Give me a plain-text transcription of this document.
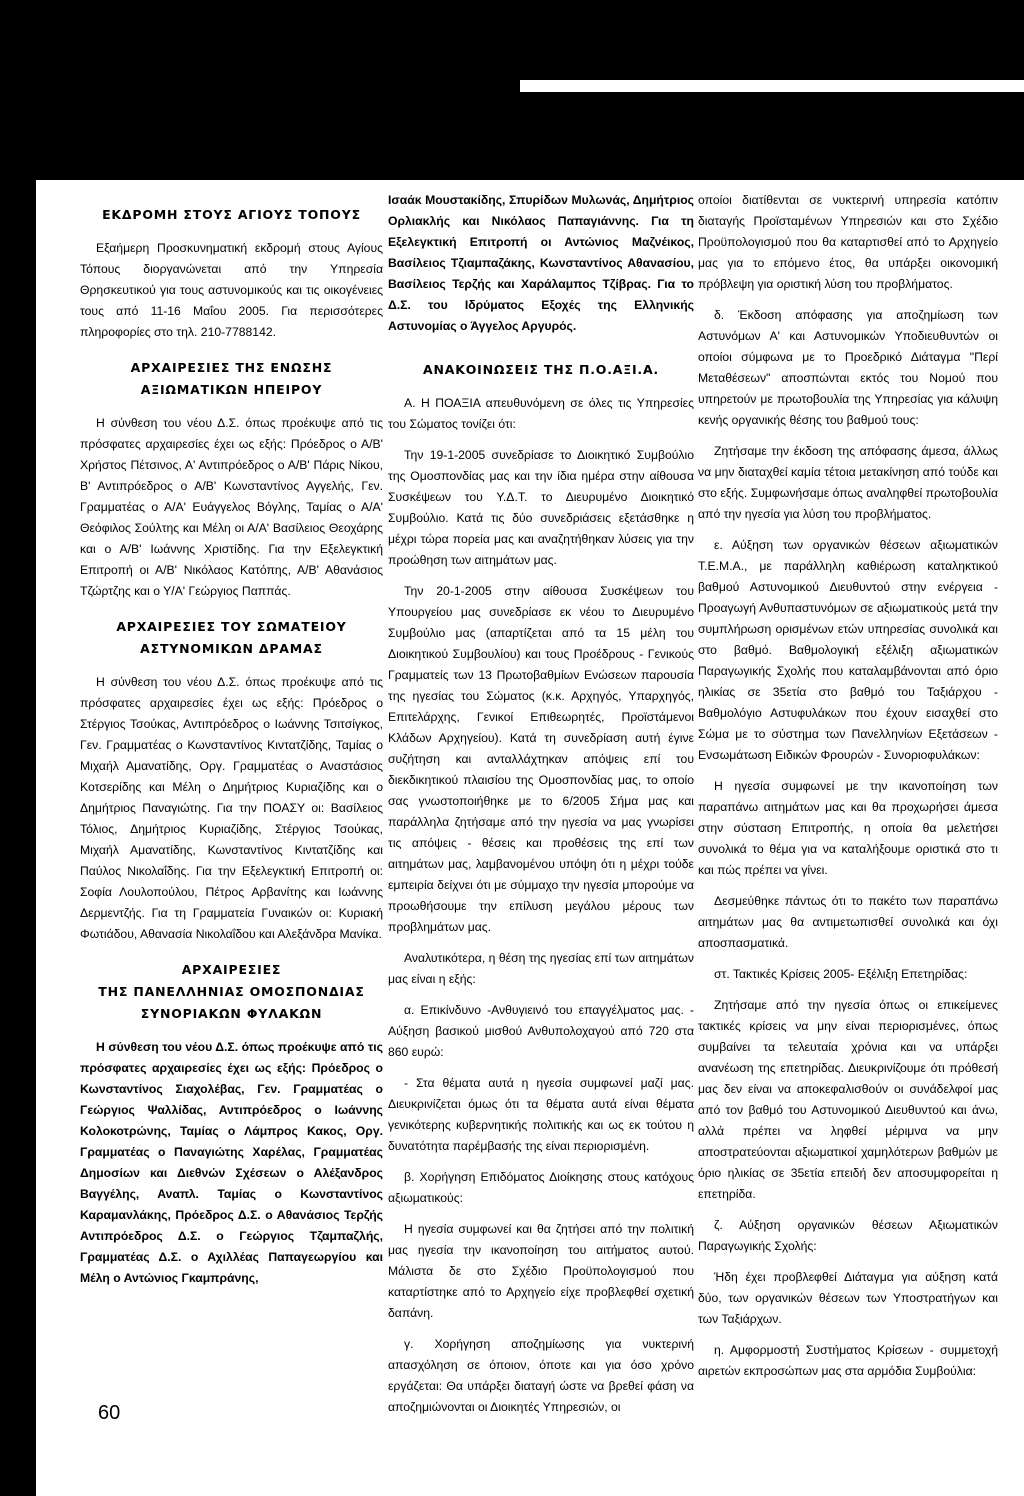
ΕΚΔΡΟΜΗ ΣΤΟΥΣ ΑΓΙΟΥΣ ΤΟΠΟΥΣ

Εξαήμερη Προσκυνηματική εκδρομή στους Αγίους Τόπους διοργανώνεται από την Υπηρεσία Θρησκευτικού για τους αστυνομικούς και τις οικογένειες τους από 11-16 Μαΐου 2005. Για περισσότερες πληροφορίες στο τηλ. 210-7788142.

ΑΡΧΑΙΡΕΣΙΕΣ ΤΗΣ ΕΝΩΣΗΣ
ΑΞΙΩΜΑΤΙΚΩΝ ΗΠΕΙΡΟΥ

Η σύνθεση του νέου Δ.Σ. όπως προέκυψε από τις πρόσφατες αρχαιρεσίες έχει ως εξής: Πρόεδρος ο Α/Β' Χρήστος Πέτσινος, Α' Αντιπρόεδρος ο Α/Β' Πάρις Νίκου, Β' Αντιπρόεδρος ο Α/Β' Κωνσταντίνος Αγγελής, Γεν. Γραμματέας ο Α/Α' Ευάγγελος Βόγλης, Ταμίας ο Α/Α' Θεόφιλος Σούλτης και Μέλη οι Α/Α' Βασίλειος Θεοχάρης και ο Α/Β' Ιωάννης Χριστίδης. Για την Εξελεγκτική Επιτροπή οι Α/Β' Νικόλαος Κατόπης, Α/Β' Αθανάσιος Τζώρτζης και ο Υ/Α' Γεώργιος Παππάς.

ΑΡΧΑΙΡΕΣΙΕΣ ΤΟΥ ΣΩΜΑΤΕΙΟΥ
ΑΣΤΥΝΟΜΙΚΩΝ ΔΡΑΜΑΣ

Η σύνθεση του νέου Δ.Σ. όπως προέκυψε από τις πρόσφατες αρχαιρεσίες έχει ως εξής: Πρόεδρος ο Στέργιος Τσούκας, Αντιπρόεδρος ο Ιωάννης Τσιτσίγκος, Γεν. Γραμματέας ο Κωνσταντίνος Κιντατζίδης, Ταμίας ο Μιχαήλ Αμανατίδης, Οργ. Γραμματέας ο Αναστάσιος Κοτσερίδης και Μέλη ο Δημήτριος Κυριαζίδης και ο Δημήτριος Παναγιώτης. Για την ΠΟΑΣΥ οι: Βασίλειος Τόλιος, Δημήτριος Κυριαζίδης, Στέργιος Τσούκας, Μιχαήλ Αμανατίδης, Κωνσταντίνος Κιντατζίδης και Παύλος Νικολαΐδης. Για την Εξελεγκτική Επιτροπή οι: Σοφία Λουλοπούλου, Πέτρος Αρβανίτης και Ιωάννης Δερμεντζής. Για τη Γραμματεία Γυναικών οι: Κυριακή Φωτιάδου, Αθανασία Νικολαΐδου και Αλεξάνδρα Μανίκα.

ΑΡΧΑΙΡΕΣΙΕΣ
ΤΗΣ ΠΑΝΕΛΛΗΝΙΑΣ ΟΜΟΣΠΟΝΔΙΑΣ
ΣΥΝΟΡΙΑΚΩΝ ΦΥΛΑΚΩΝ

Η σύνθεση του νέου Δ.Σ. όπως προέκυψε από τις πρόσφατες αρχαιρεσίες έχει ως εξής: Πρόεδρος ο Κωνσταντίνος Σιαχολέβας, Γεν. Γραμματέας ο Γεώργιος Ψαλλίδας, Αντιπρόεδρος ο Ιωάννης Κολοκοτρώνης, Ταμίας ο Λάμπρος Κακος, Οργ. Γραμματέας ο Παναγιώτης Χαρέλας, Γραμματέας Δημοσίων και Διεθνών Σχέσεων ο Αλέξανδρος Βαγγέλης, Αναπλ. Ταμίας ο Κωνσταντίνος Καραμανλάκης, Πρόεδρος Δ.Σ. ο Αθανάσιος Τερζής Αντιπρόεδρος Δ.Σ. ο Γεώργιος Τζαμπαζλής, Γραμματέας Δ.Σ. ο Αχιλλέας Παπαγεωργίου και Μέλη ο Αντώνιος Γκαμπράνης,

Ισαάκ Μουστακίδης, Σπυρίδων Μυλωνάς, Δημήτριος Ορλιακλής και Νικόλαος Παπαγιάννης. Για τη Εξελεγκτική Επιτροπή οι Αντώνιος Μαζνέικος, Βασίλειος Τζιαμπαζάκης, Κωνσταντίνος Αθανασίου, Βασίλειος Τερζής και Χαράλαμπος Τζίβρας. Για το Δ.Σ. του Ιδρύματος Εξοχές της Ελληνικής Αστυνομίας ο Άγγελος Αργυρός.

ΑΝΑΚΟΙΝΩΣΕΙΣ ΤΗΣ Π.Ο.ΑΞΙ.Α.

Α. Η ΠΟΑΞΙΑ απευθυνόμενη σε όλες τις Υπηρεσίες του Σώματος τονίζει ότι:

Την 19-1-2005 συνεδρίασε το Διοικητικό Συμβούλιο της Ομοσπονδίας μας και την ίδια ημέρα στην αίθουσα Συσκέψεων του Υ.Δ.Τ. το Διευρυμένο Διοικητικό Συμβούλιο. Κατά τις δύο συνεδριάσεις εξετάσθηκε η μέχρι τώρα πορεία μας και αναζητήθηκαν λύσεις για την προώθηση των αιτημάτων μας.

Την 20-1-2005 στην αίθουσα Συσκέψεων του Υπουργείου μας συνεδρίασε εκ νέου το Διευρυμένο Συμβούλιο μας (απαρτίζεται από τα 15 μέλη του Διοικητικού Συμβουλίου) και τους Προέδρους - Γενικούς Γραμματείς των 13 Πρωτοβαθμίων Ενώσεων παρουσία της ηγεσίας του Σώματος (κ.κ. Αρχηγός, Υπαρχηγός, Επιτελάρχης, Γενικοί Επιθεωρητές, Προϊστάμενοι Κλάδων Αρχηγείου). Κατά τη συνεδρίαση αυτή έγινε συζήτηση και ανταλλάχτηκαν απόψεις επί του διεκδικητικού πλαισίου της Ομοσπονδίας μας, το οποίο σας γνωστοποιήθηκε με το 6/2005 Σήμα μας και παράλληλα ζητήσαμε από την ηγεσία να μας γνωρίσει τις απόψεις - θέσεις και προθέσεις της επί των αιτημάτων μας, λαμβανομένου υπόψη ότι η μέχρι τούδε εμπειρία δείχνει ότι με σύμμαχο την ηγεσία μπορούμε να προωθήσουμε την επίλυση μεγάλου μέρους των προβλημάτων μας.

Αναλυτικότερα, η θέση της ηγεσίας επί των αιτημάτων μας είναι η εξής:

α. Επικίνδυνο -Ανθυγιεινό του επαγγέλματος μας. - Αύξηση βασικού μισθού Ανθυπολοχαγού από 720 στα 860 ευρώ:

- Στα θέματα αυτά η ηγεσία συμφωνεί μαζί μας. Διευκρινίζεται όμως ότι τα θέματα αυτά είναι θέματα γενικότερης κυβερνητικής πολιτικής και ως εκ τούτου η δυνατότητα παρέμβασής της είναι περιορισμένη.

β. Χορήγηση Επιδόματος Διοίκησης στους κατόχους αξιωματικούς:

Η ηγεσία συμφωνεί και θα ζητήσει από την πολιτική μας ηγεσία την ικανοποίηση του αιτήματος αυτού. Μάλιστα δε στο Σχέδιο Προϋπολογισμού που καταρτίστηκε από το Αρχηγείο είχε προβλεφθεί σχετική δαπάνη.

γ. Χορήγηση αποζημίωσης για νυκτερινή απασχόληση σε όποιον, όποτε και για όσο χρόνο εργάζεται: Θα υπάρξει διαταγή ώστε να βρεθεί φάση να αποζημιώνονται οι Διοικητές Υπηρεσιών, οι

οποίοι διατίθενται σε νυκτερινή υπηρεσία κατόπιν διαταγής Προϊσταμένων Υπηρεσιών και στο Σχέδιο Προϋπολογισμού που θα καταρτισθεί από το Αρχηγείο μας για το επόμενο έτος, θα υπάρξει οικονομική πρόβλεψη για οριστική λύση του προβλήματος.

δ. Έκδοση απόφασης για αποζημίωση των Αστυνόμων Α' και Αστυνομικών Υποδιευθυντών οι οποίοι σύμφωνα με το Προεδρικό Διάταγμα "Περί Μεταθέσεων" αποσπώνται εκτός του Νομού που υπηρετούν με πρωτοβουλία της Υπηρεσίας για κάλυψη κενής οργανικής θέσης του βαθμού τους:

Ζητήσαμε την έκδοση της απόφασης άμεσα, άλλως να μην διαταχθεί καμία τέτοια μετακίνηση από τούδε και στο εξής. Συμφωνήσαμε όπως αναληφθεί πρωτοβουλία από την ηγεσία για λύση του προβλήματος.

ε. Αύξηση των οργανικών θέσεων αξιωματικών Τ.Ε.Μ.Α., με παράλληλη καθιέρωση καταληκτικού βαθμού Αστυνομικού Διευθυντού στην ενέργεια - Προαγωγή Ανθυπαστυνόμων σε αξιωματικούς μετά την συμπλήρωση ορισμένων ετών υπηρεσίας συνολικά και στο βαθμό. Βαθμολογική εξέλιξη αξιωματικών Παραγωγικής Σχολής που καταλαμβάνονται από όριο ηλικίας σε 35ετία στο βαθμό του Ταξιάρχου - Βαθμολόγιο Αστυφυλάκων που έχουν εισαχθεί στο Σώμα με το σύστημα των Πανελληνίων Εξετάσεων - Ενσωμάτωση Ειδικών Φρουρών - Συνοριοφυλάκων:

Η ηγεσία συμφωνεί με την ικανοποίηση των παραπάνω αιτημάτων μας και θα προχωρήσει άμεσα στην σύσταση Επιτροπής, η οποία θα μελετήσει συνολικά το θέμα για να καταλήξουμε οριστικά στο τι και πώς πρέπει να γίνει.

Δεσμεύθηκε πάντως ότι το πακέτο των παραπάνω αιτημάτων μας θα αντιμετωπισθεί συνολικά και όχι αποσπασματικά.

στ. Τακτικές Κρίσεις 2005- Εξέλιξη Επετηρίδας:

Ζητήσαμε από την ηγεσία όπως οι επικείμενες τακτικές κρίσεις να μην είναι περιορισμένες, όπως συμβαίνει τα τελευταία χρόνια και να υπάρξει ανανέωση της επετηρίδας. Διευκρινίζουμε ότι πρόθεσή μας δεν είναι να αποκεφαλισθούν οι συνάδελφοί μας από τον βαθμό του Αστυνομικού Διευθυντού και άνω, αλλά πρέπει να ληφθεί μέριμνα να μην αποστρατεύονται αξιωματικοί χαμηλότερων βαθμών με όριο ηλικίας σε 35ετία επειδή δεν αποσυμφορείται η επετηρίδα.

ζ. Αύξηση οργανικών θέσεων Αξιωματικών Παραγωγικής Σχολής:

Ήδη έχει προβλεφθεί Διάταγμα για αύξηση κατά δύο, των οργανικών θέσεων των Υποστρατήγων και των Ταξιάρχων.

η. Αμφορμοστή Συστήματος Κρίσεων - συμμετοχή αιρετών εκπροσώπων μας στα αρμόδια Συμβούλια:

60
